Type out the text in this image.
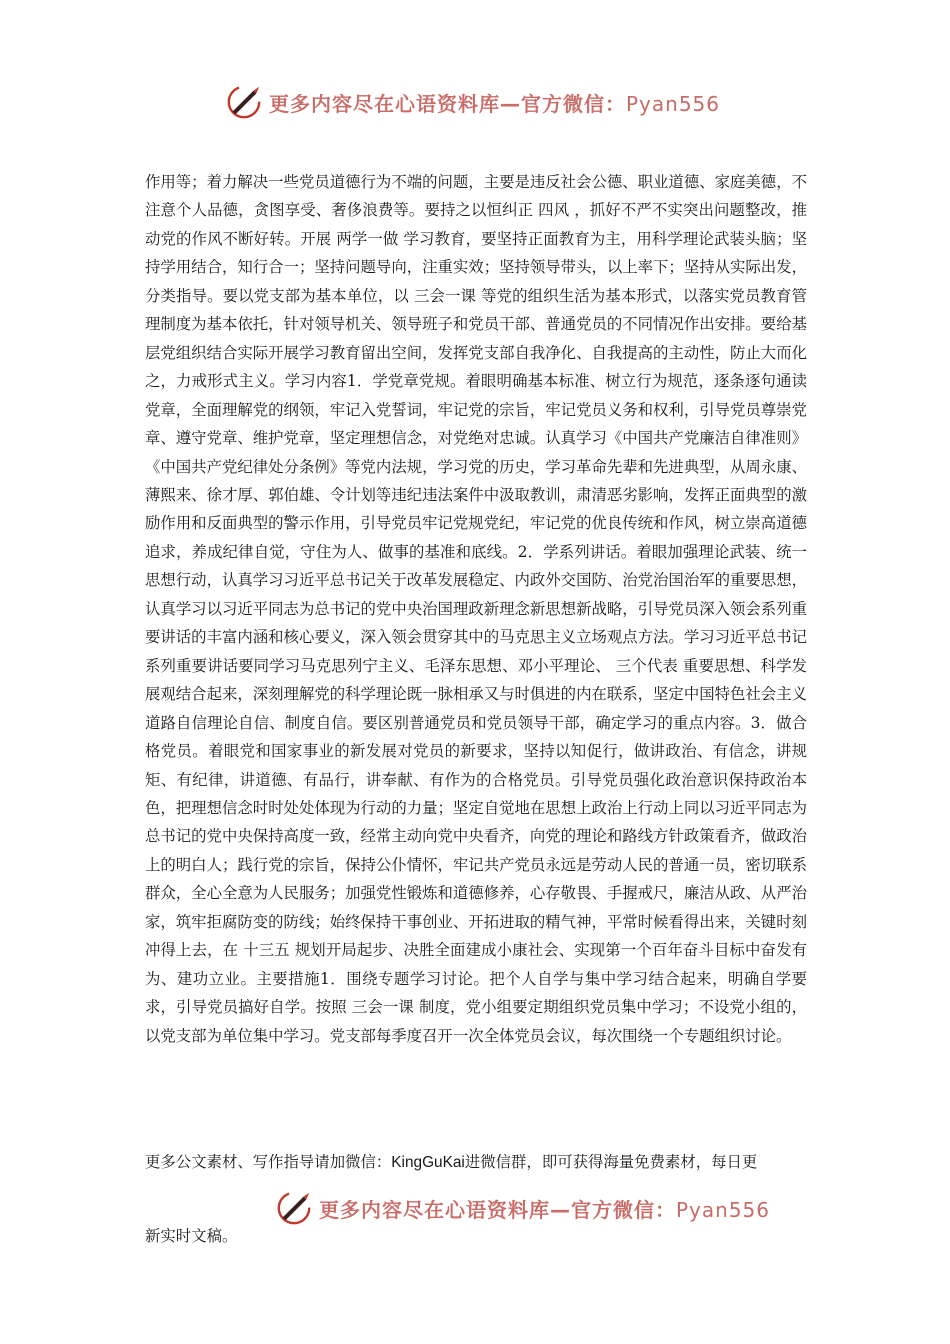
更多内容尽在心语资料库—官方微信：Pyan556
作用等；着力解决一些党员道德行为不端的问题，主要是违反社会公德、职业道德、家庭美德，不注意个人品德，贪图享受、奢侈浪费等。要持之以恒纠正 四风 ，抓好不严不实突出问题整改，推动党的作风不断好转。开展 两学一做 学习教育，要坚持正面教育为主，用科学理论武装头脑；坚持学用结合，知行合一；坚持问题导向，注重实效；坚持领导带头，以上率下；坚持从实际出发，分类指导。要以党支部为基本单位，以 三会一课 等党的组织生活为基本形式，以落实党员教育管理制度为基本依托，针对领导机关、领导班子和党员干部、普通党员的不同情况作出安排。要给基层党组织结合实际开展学习教育留出空间，发挥党支部自我净化、自我提高的主动性，防止大而化之，力戒形式主义。学习内容1．学党章党规。着眼明确基本标准、树立行为规范，逐条逐句通读党章，全面理解党的纲领，牢记入党誓词，牢记党的宗旨，牢记党员义务和权利，引导党员尊崇党章、遵守党章、维护党章，坚定理想信念，对党绝对忠诚。认真学习《中国共产党廉洁自律准则》《中国共产党纪律处分条例》等党内法规，学习党的历史，学习革命先辈和先进典型，从周永康、薄熙来、徐才厚、郭伯雄、令计划等违纪违法案件中汲取教训，肃清恶劣影响，发挥正面典型的激励作用和反面典型的警示作用，引导党员牢记党规党纪，牢记党的优良传统和作风，树立崇高道德追求，养成纪律自觉，守住为人、做事的基准和底线。2．学系列讲话。着眼加强理论武装、统一思想行动，认真学习习近平总书记关于改革发展稳定、内政外交国防、治党治国治军的重要思想，认真学习以习近平同志为总书记的党中央治国理政新理念新思想新战略，引导党员深入领会系列重要讲话的丰富内涵和核心要义，深入领会贯穿其中的马克思主义立场观点方法。学习习近平总书记系列重要讲话要同学习马克思列宁主义、毛泽东思想、邓小平理论、 三个代表 重要思想、科学发展观结合起来，深刻理解党的科学理论既一脉相承又与时俱进的内在联系，坚定中国特色社会主义道路自信理论自信、制度自信。要区别普通党员和党员领导干部，确定学习的重点内容。3．做合格党员。着眼党和国家事业的新发展对党员的新要求，坚持以知促行，做讲政治、有信念，讲规矩、有纪律，讲道德、有品行，讲奉献、有作为的合格党员。引导党员强化政治意识保持政治本色，把理想信念时时处处体现为行动的力量；坚定自觉地在思想上政治上行动上同以习近平同志为总书记的党中央保持高度一致，经常主动向党中央看齐，向党的理论和路线方针政策看齐，做政治上的明白人；践行党的宗旨，保持公仆情怀，牢记共产党员永远是劳动人民的普通一员，密切联系群众，全心全意为人民服务；加强党性锻炼和道德修养，心存敬畏、手握戒尺，廉洁从政、从严治家，筑牢拒腐防变的防线；始终保持干事创业、开拓进取的精气神，平常时候看得出来，关键时刻冲得上去，在 十三五 规划开局起步、决胜全面建成小康社会、实现第一个百年奋斗目标中奋发有为、建功立业。主要措施1．围绕专题学习讨论。把个人自学与集中学习结合起来，明确自学要求，引导党员搞好自学。按照 三会一课 制度，党小组要定期组织党员集中学习；不设党小组的，以党支部为单位集中学习。党支部每季度召开一次全体党员会议，每次围绕一个专题组织讨论。
更多公文素材、写作指导请加微信：KingGuKai进微信群，即可获得海量免费素材，每日更
更多内容尽在心语资料库—官方微信：Pyan556
新实时文稿。
